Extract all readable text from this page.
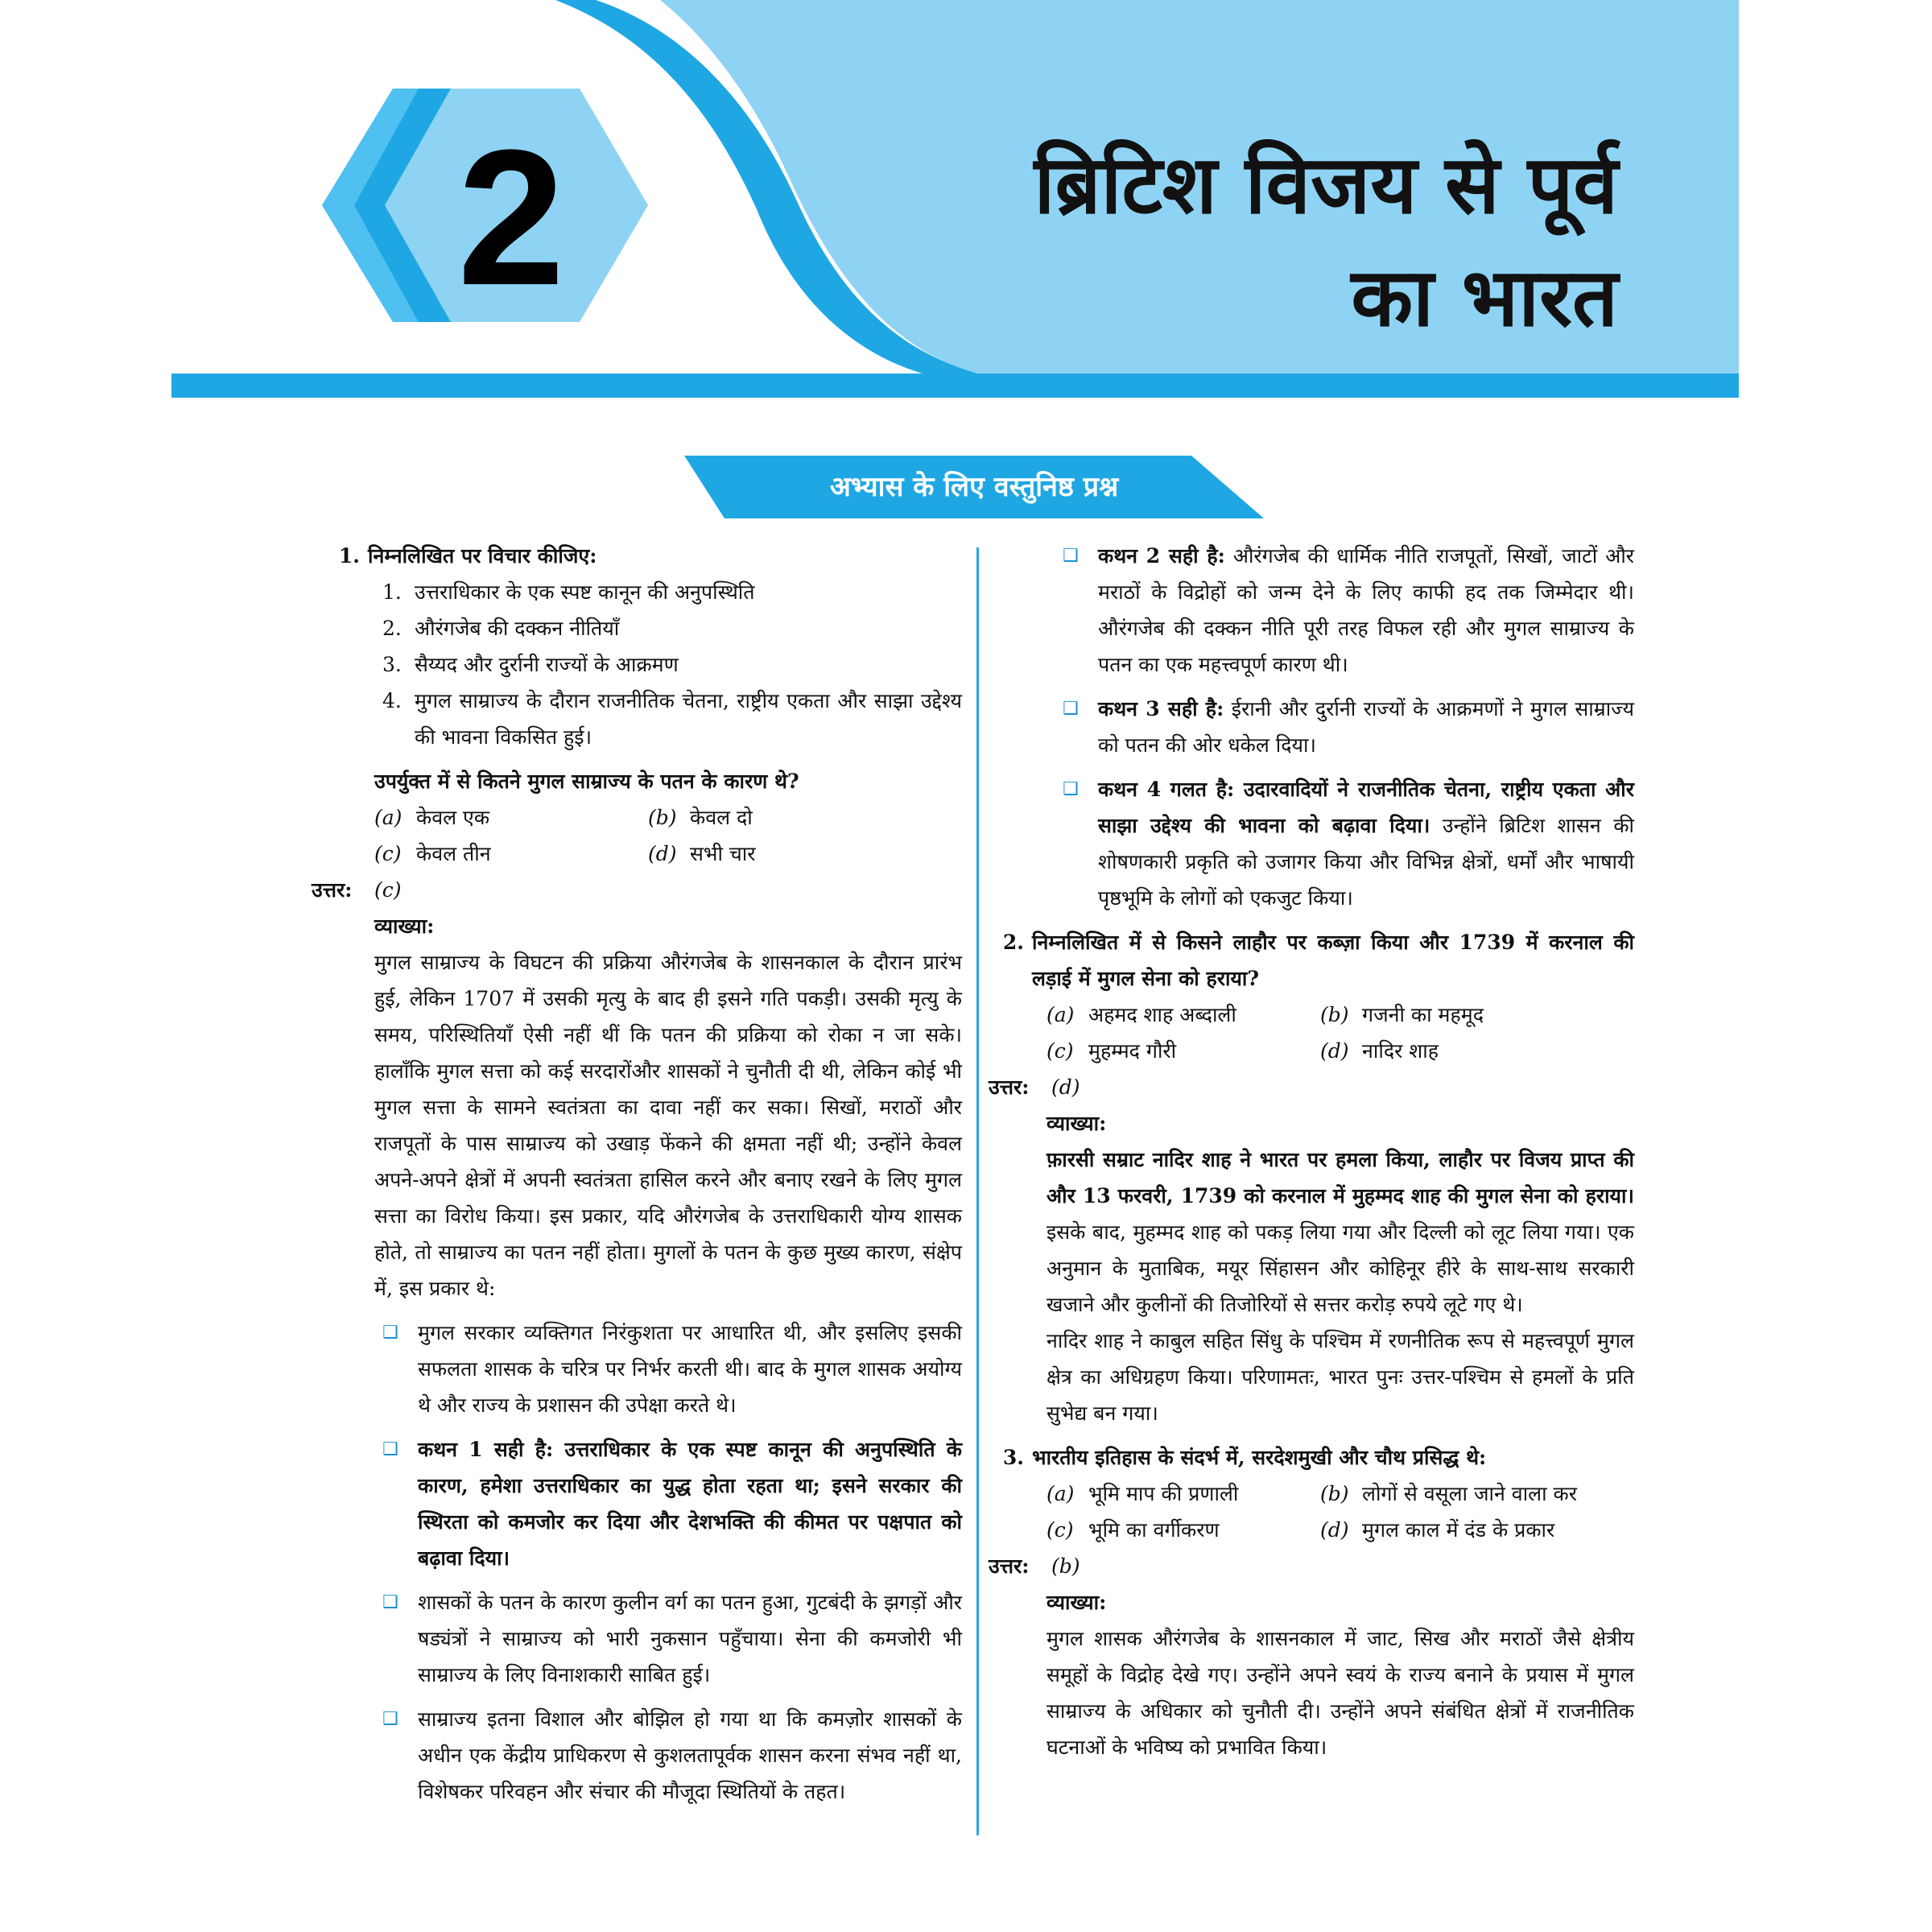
2	ब्रिटिश विजय से पूर्व
का भारत
अभ्यास के लिए वस्तुनिष्ठ प्रश्न
1. निम्नलिखित पर विचार कीजिए:
1. उत्तराधिकार के एक स्पष्ट कानून की अनुपस्थिति
2. औरंगजेब की दक्कन नीतियाँ
3. सैय्यद और दुर्रानी राज्यों के आक्रमण
4. मुगल साम्राज्य के दौरान राजनीतिक चेतना, राष्ट्रीय एकता और साझा उद्देश्य की भावना विकसित हुई।
उपर्युक्त में से कितने मुगल साम्राज्य के पतन के कारण थे?
(a) केवल एक	(b) केवल दो
(c) केवल तीन	(d) सभी चार
उत्तर:	(c)
व्याख्या:
मुगल साम्राज्य के विघटन की प्रक्रिया औरंगजेब के शासनकाल के दौरान प्रारंभ हुई, लेकिन 1707 में उसकी मृत्यु के बाद ही इसने गति पकड़ी। उसकी मृत्यु के समय, परिस्थितियाँ ऐसी नहीं थीं कि पतन की प्रक्रिया को रोका न जा सके। हालाँकि मुगल सत्ता को कई सरदारोंऔर शासकों ने चुनौती दी थी, लेकिन कोई भी मुगल सत्ता के सामने स्वतंत्रता का दावा नहीं कर सका। सिखों, मराठों और राजपूतों के पास साम्राज्य को उखाड़ फेंकने की क्षमता नहीं थी; उन्होंने केवल अपने-अपने क्षेत्रों में अपनी स्वतंत्रता हासिल करने और बनाए रखने के लिए मुगल सत्ता का विरोध किया। इस प्रकार, यदि औरंगजेब के उत्तराधिकारी योग्य शासक होते, तो साम्राज्य का पतन नहीं होता। मुगलों के पतन के कुछ मुख्य कारण, संक्षेप में, इस प्रकार थे:
❑ मुगल सरकार व्यक्तिगत निरंकुशता पर आधारित थी, और इसलिए इसकी सफलता शासक के चरित्र पर निर्भर करती थी। बाद के मुगल शासक अयोग्य थे और राज्य के प्रशासन की उपेक्षा करते थे।
❑ कथन 1 सही है: उत्तराधिकार के एक स्पष्ट कानून की अनुपस्थिति के कारण, हमेशा उत्तराधिकार का युद्ध होता रहता था; इसने सरकार की स्थिरता को कमजोर कर दिया और देशभक्ति की कीमत पर पक्षपात को बढ़ावा दिया।
❑ शासकों के पतन के कारण कुलीन वर्ग का पतन हुआ, गुटबंदी के झगड़ों और षड्यंत्रों ने साम्राज्य को भारी नुकसान पहुँचाया। सेना की कमजोरी भी साम्राज्य के लिए विनाशकारी साबित हुई।
❑ साम्राज्य इतना विशाल और बोझिल हो गया था कि कमज़ोर शासकों के अधीन एक केंद्रीय प्राधिकरण से कुशलतापूर्वक शासन करना संभव नहीं था, विशेषकर परिवहन और संचार की मौजूदा स्थितियों के तहत।
❑ कथन 2 सही है: औरंगजेब की धार्मिक नीति राजपूतों, सिखों, जाटों और मराठों के विद्रोहों को जन्म देने के लिए काफी हद तक जिम्मेदार थी। औरंगजेब की दक्कन नीति पूरी तरह विफल रही और मुगल साम्राज्य के पतन का एक महत्त्वपूर्ण कारण थी।
❑ कथन 3 सही है: ईरानी और दुर्रानी राज्यों के आक्रमणों ने मुगल साम्राज्य को पतन की ओर धकेल दिया।
❑ कथन 4 गलत है: उदारवादियों ने राजनीतिक चेतना, राष्ट्रीय एकता और साझा उद्देश्य की भावना को बढ़ावा दिया। उन्होंने ब्रिटिश शासन की शोषणकारी प्रकृति को उजागर किया और विभिन्न क्षेत्रों, धर्मों और भाषायी पृष्ठभूमि के लोगों को एकजुट किया।
2. निम्नलिखित में से किसने लाहौर पर कब्ज़ा किया और 1739 में करनाल की लड़ाई में मुगल सेना को हराया?
(a) अहमद शाह अब्दाली	(b) गजनी का महमूद
(c) मुहम्मद गौरी	(d) नादिर शाह
उत्तर:	(d)
व्याख्या:
फ़ारसी सम्राट नादिर शाह ने भारत पर हमला किया, लाहौर पर विजय प्राप्त की और 13 फरवरी, 1739 को करनाल में मुहम्मद शाह की मुगल सेना को हराया। इसके बाद, मुहम्मद शाह को पकड़ लिया गया और दिल्ली को लूट लिया गया। एक अनुमान के मुताबिक, मयूर सिंहासन और कोहिनूर हीरे के साथ-साथ सरकारी खजाने और कुलीनों की तिजोरियों से सत्तर करोड़ रुपये लूटे गए थे।
नादिर शाह ने काबुल सहित सिंधु के पश्चिम में रणनीतिक रूप से महत्त्वपूर्ण मुगल क्षेत्र का अधिग्रहण किया। परिणामतः, भारत पुनः उत्तर-पश्चिम से हमलों के प्रति सुभेद्य बन गया।
3. भारतीय इतिहास के संदर्भ में, सरदेशमुखी और चौथ प्रसिद्ध थे:
(a) भूमि माप की प्रणाली	(b) लोगों से वसूला जाने वाला कर
(c) भूमि का वर्गीकरण	(d) मुगल काल में दंड के प्रकार
उत्तर:	(b)
व्याख्या:
मुगल शासक औरंगजेब के शासनकाल में जाट, सिख और मराठों जैसे क्षेत्रीय समूहों के विद्रोह देखे गए। उन्होंने अपने स्वयं के राज्य बनाने के प्रयास में मुगल साम्राज्य के अधिकार को चुनौती दी। उन्होंने अपने संबंधित क्षेत्रों में राजनीतिक घटनाओं के भविष्य को प्रभावित किया।
